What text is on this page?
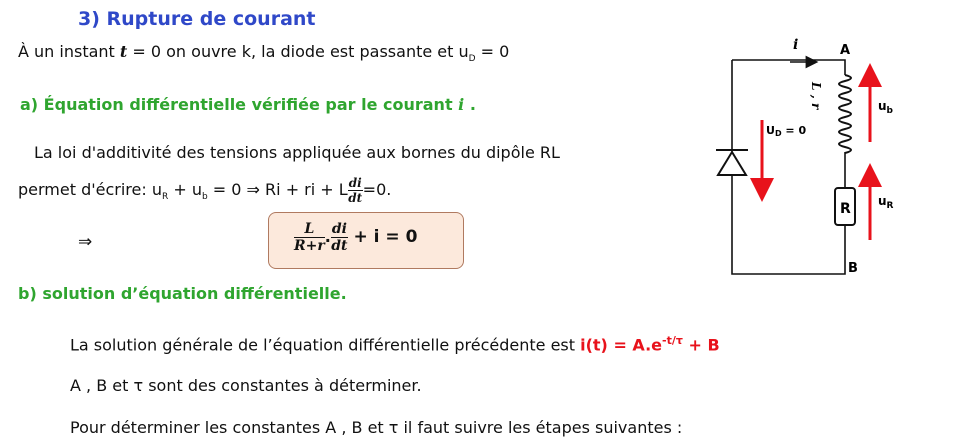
3) Rupture de courant
À un instant t = 0 on ouvre k, la diode est passante et $u_D = 0$
a) Équation différentielle vérifiée par le courant i .
La loi d'additivité des tensions appliquée aux bornes du dipôle RL
permet d'écrire: $u_R + u_b = 0$ ⇒ Ri + ri + L $\frac{di}{dt} =0$.
⇒	$\frac{L}{R+r}$ . $\frac{di}{dt} + i = 0$
b) solution d’équation différentielle.
La solution générale de l’équation différentielle précédente est $i(t) = A.e^{-t/\tau} + B$
A , B et τ sont des constantes à déterminer.
Pour déterminer les constantes A , B et τ il faut suivre les étapes suivantes :
i	A
B
R
$u_b$
$u_R$
UD = 0
L , r
